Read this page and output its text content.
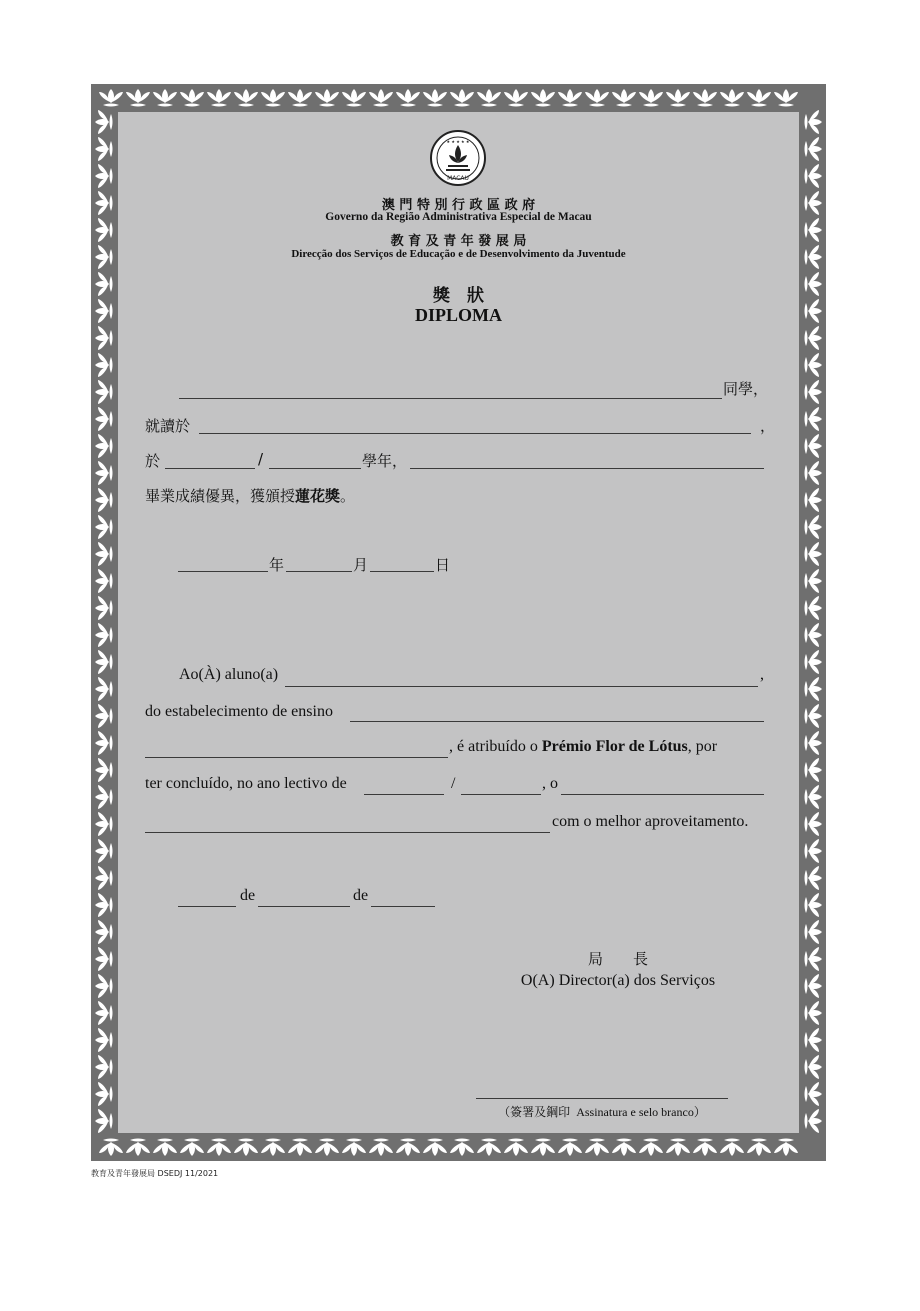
★ ★ ★ ★ ★
MACAU
澳 門 特 別 行 政 區 政 府
Governo da Região Administrativa Especial de Macau
教 育 及 青 年 發 展 局
Direcção dos Serviços de Educação e de Desenvolvimento da Juventude
獎　狀
DIPLOMA
同學，
就讀於	，
於	/	學年，
畢業成績優異，獲頒授蓮花獎。
年	月	日
Ao(À) aluno(a)	,
do estabelecimento de ensino
, é atribuído o Prémio Flor de Lótus, por
ter concluído, no ano lectivo de	/	, o
com o melhor aproveitamento.
de	de
局　　長
O(A) Director(a) dos Serviços
（簽署及鋼印 Assinatura e selo branco）
教育及青年發展局 DSEDJ 11/2021
